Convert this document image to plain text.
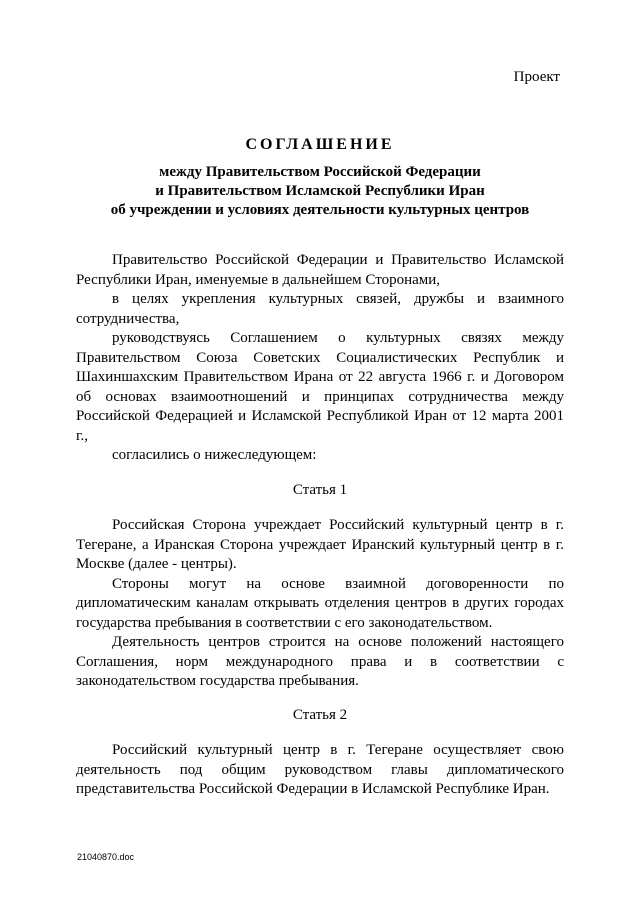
Проект
СОГЛАШЕНИЕ
между Правительством Российской Федерации
и Правительством Исламской Республики Иран
об учреждении и условиях деятельности культурных центров

Правительство Российской Федерации и Правительство Исламской Республики Иран, именуемые в дальнейшем Сторонами,

в целях укрепления культурных связей, дружбы и взаимного сотрудничества,

руководствуясь Соглашением о культурных связях между Правительством Союза Советских Социалистических Республик и Шахиншахским Правительством Ирана от 22 августа 1966 г. и Договором об основах взаимоотношений и принципах сотрудничества между Российской Федерацией и Исламской Республикой Иран от 12 марта 2001 г.,

согласились о нижеследующем:

Статья 1

Российская Сторона учреждает Российский культурный центр в г. Тегеране, а Иранская Сторона учреждает Иранский культурный центр в г. Москве (далее - центры).

Стороны могут на основе взаимной договоренности по дипломатическим каналам открывать отделения центров в других городах государства пребывания в соответствии с его законодательством.

Деятельность центров строится на основе положений настоящего Соглашения, норм международного права и в соответствии с законодательством государства пребывания.

Статья 2

Российский культурный центр в г. Тегеране осуществляет свою деятельность под общим руководством главы дипломатического представительства Российской Федерации в Исламской Республике Иран.

21040870.doc
